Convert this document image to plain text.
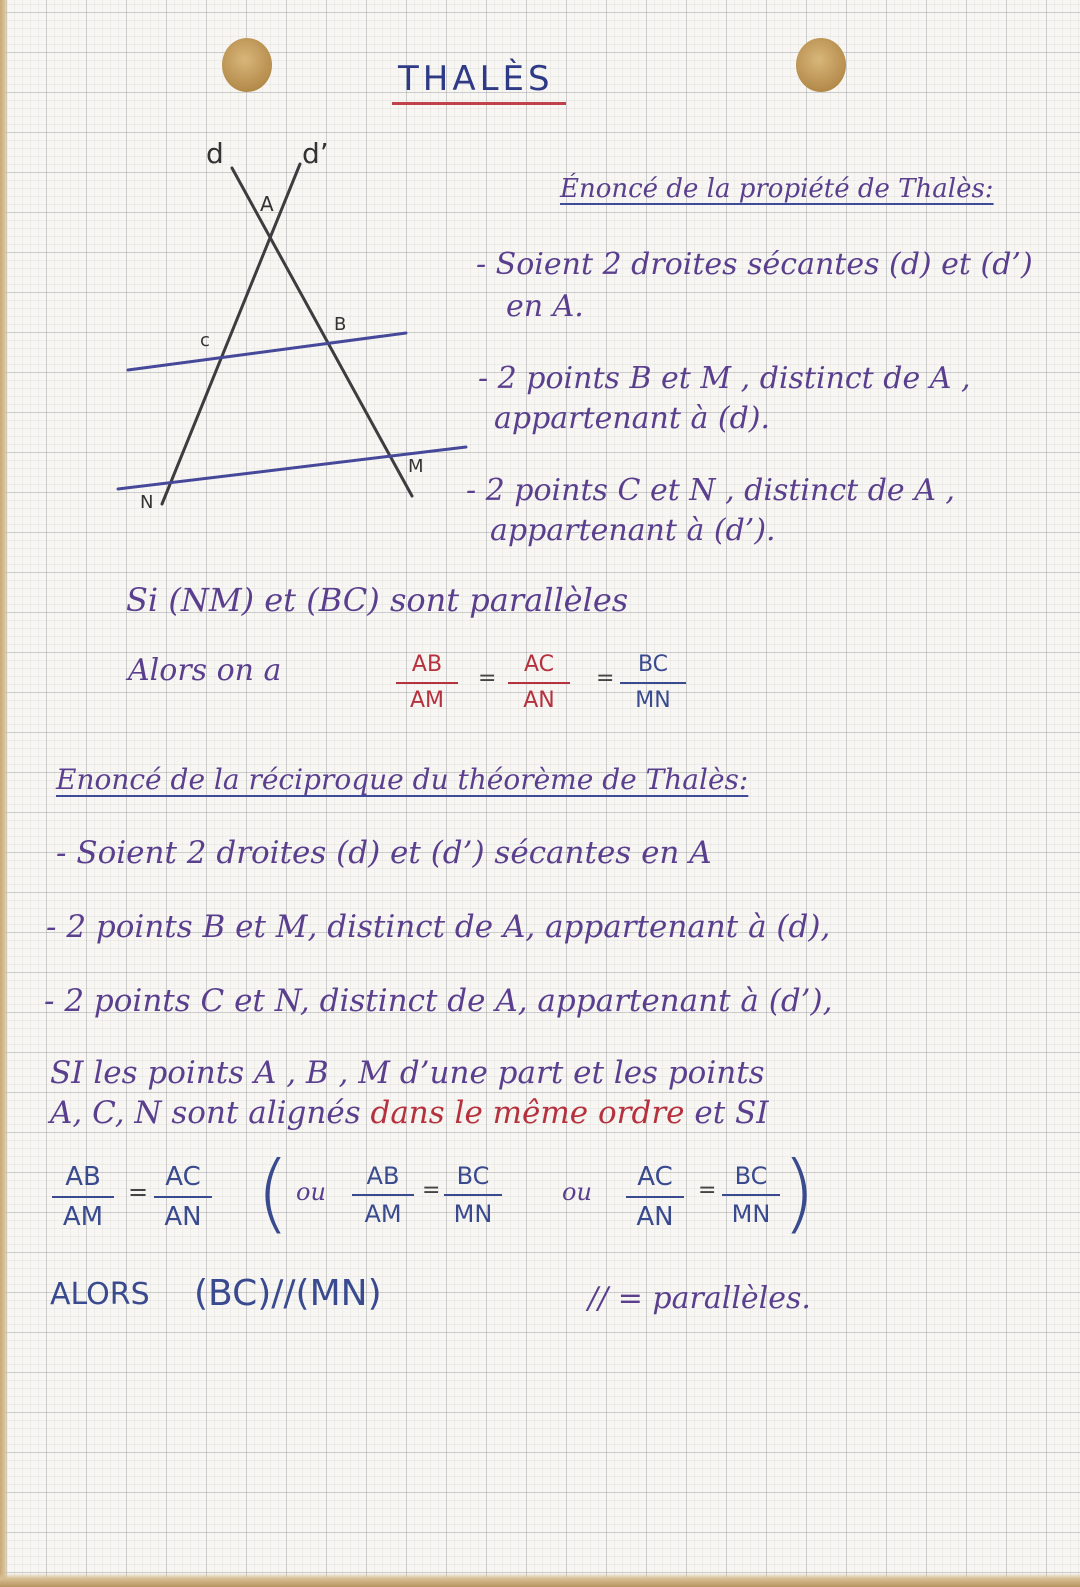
THALÈS
d	d’
A
B
c
M
N
Énoncé de la propiété de Thalès:
- Soient 2 droites sécantes (d) et (d’)
en A.
- 2 points B et M , distinct de A ,
appartenant à (d).
- 2 points C et N , distinct de A ,
appartenant à (d’).
Si (NM) et (BC) sont parallèles
Alors on a	AB
AM
=
AC
AN
=
BC
MN
Enoncé de la réciproque du théorème de Thalès:
- Soient 2 droites (d) et (d’) sécantes en A
- 2 points B et M, distinct de A, appartenant à (d),
- 2 points C et N, distinct de A, appartenant à (d’),
SI les points A , B , M d’une part et les points
A, C, N sont alignés dans le même ordre et SI
AB
AM
= AC
AN ( ou
AB
AM
=
BC
MN
ou	AC
AN
=
BC
MN )
ALORS (BC)//(MN)	// = parallèles.
